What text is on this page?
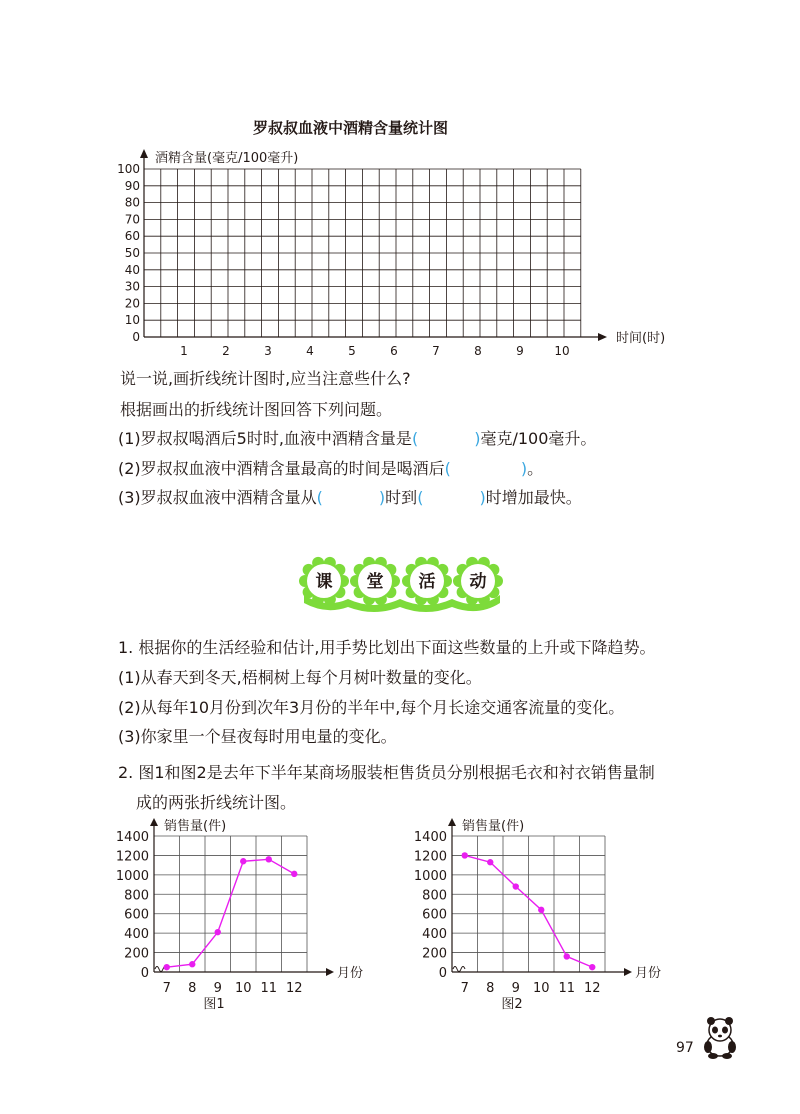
罗叔叔血液中酒精含量统计图
酒精含量(毫克/100毫升)
100
90
80
70
60
50
40
30
20
10
0
1	2	3	4	5	6	7	8	9	10
时间(时)
说一说,画折线统计图时,应当注意些什么?
根据画出的折线统计图回答下列问题。
(1)罗叔叔喝酒后5时时,血液中酒精含量是(	)毫克/100毫升。
(2)罗叔叔血液中酒精含量最高的时间是喝酒后(	)。
(3)罗叔叔血液中酒精含量从(	)时到(	)时增加最快。
课 堂 活 动
1. 根据你的生活经验和估计,用手势比划出下面这些数量的上升或下降趋势。
(1)从春天到冬天,梧桐树上每个月树叶数量的变化。
(2)从每年10月份到次年3月份的半年中,每个月长途交通客流量的变化。
(3)你家里一个昼夜每时用电量的变化。
2. 图1和图2是去年下半年某商场服装柜售货员分别根据毛衣和衬衣销售量制
成的两张折线统计图。
销售量(件)
月份
0
200
400
600
800
1000
1200
1400
7 8 9 10 11 12
图1
销售量(件)
月份
0
200
400
600
800
1000
1200
1400
7 8 9 10 11 12
图2
97
